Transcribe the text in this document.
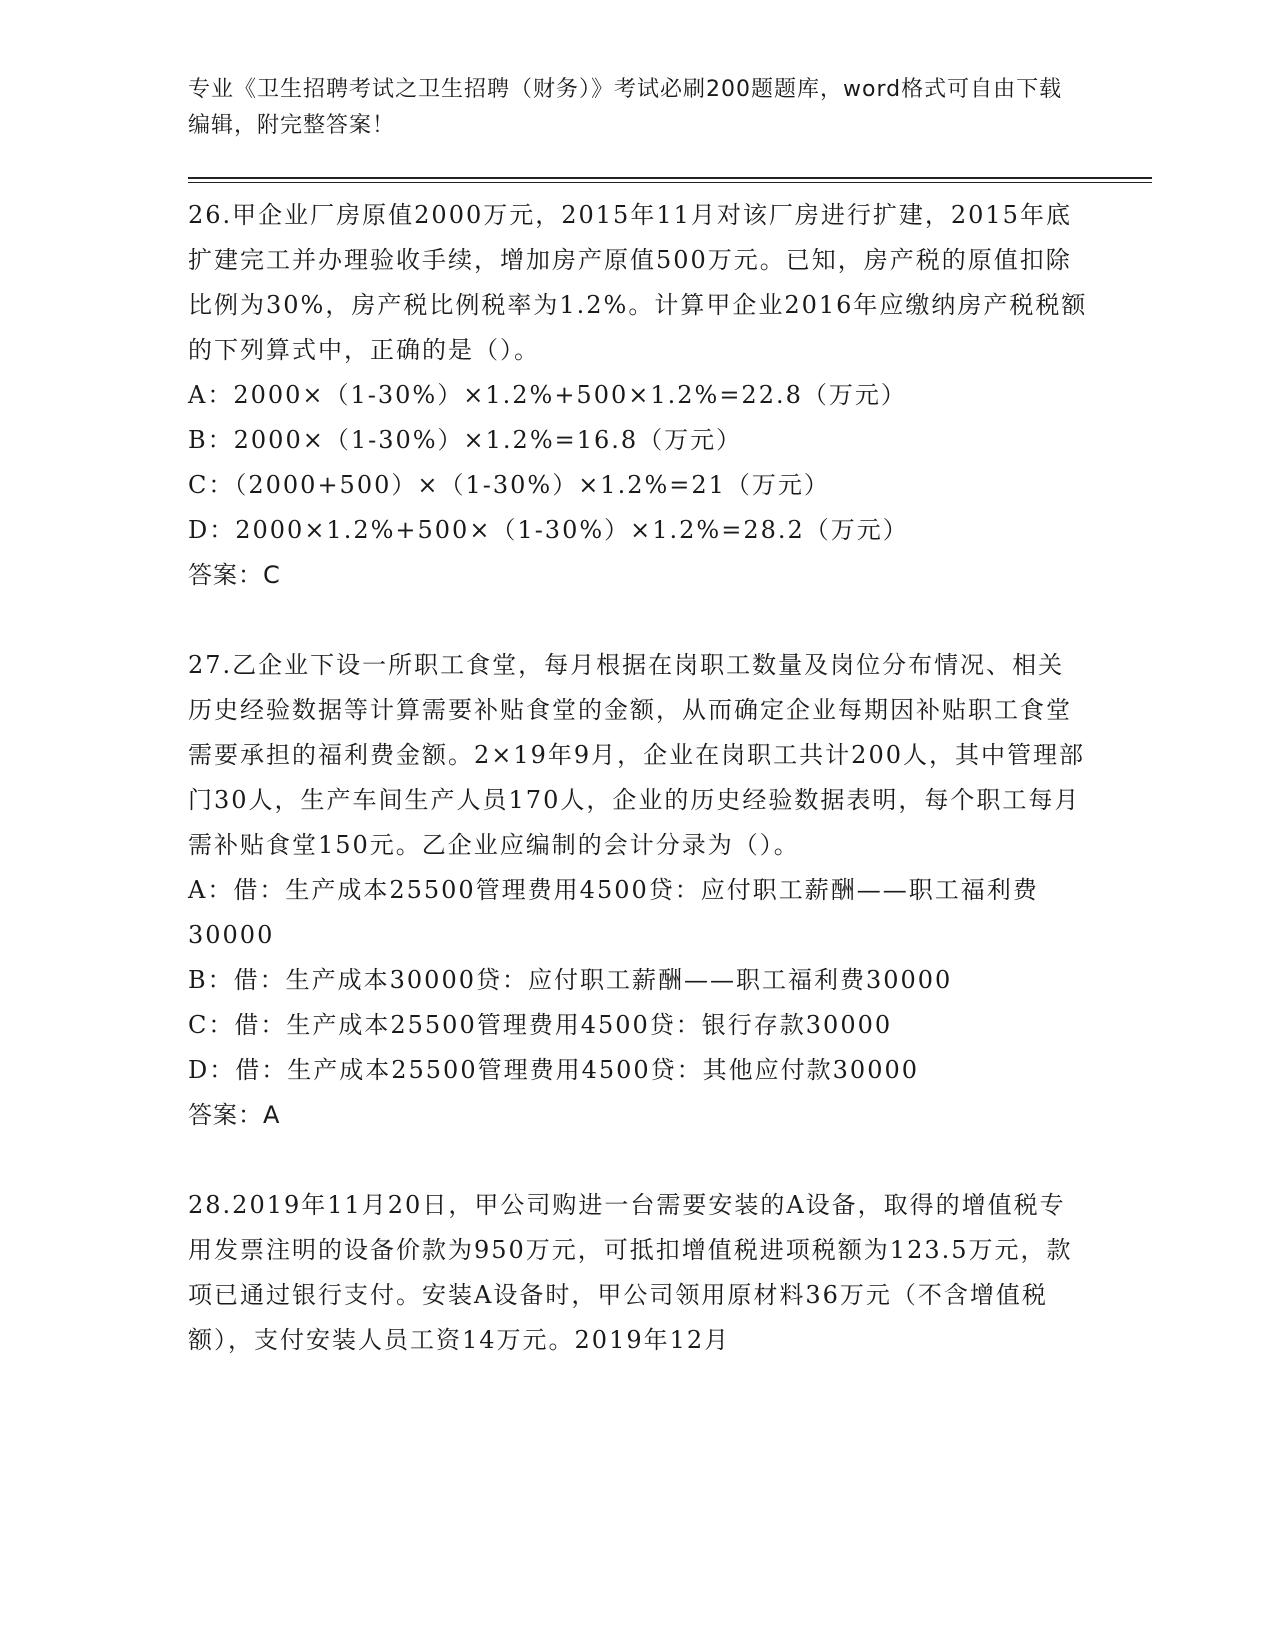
专业《卫生招聘考试之卫生招聘（财务）》考试必刷200题题库，word格式可自由下载编辑，附完整答案！

26.甲企业厂房原值2000万元，2015年11月对该厂房进行扩建，2015年底扩建完工并办理验收手续，增加房产原值500万元。已知，房产税的原值扣除比例为30%，房产税比例税率为1.2%。计算甲企业2016年应缴纳房产税税额的下列算式中，正确的是（）。

A：2000×（1-30%）×1.2%+500×1.2%=22.8（万元）

B：2000×（1-30%）×1.2%=16.8（万元）

C：（2000+500）×（1-30%）×1.2%=21（万元）

D：2000×1.2%+500×（1-30%）×1.2%=28.2（万元）

答案：C

27.乙企业下设一所职工食堂，每月根据在岗职工数量及岗位分布情况、相关历史经验数据等计算需要补贴食堂的金额，从而确定企业每期因补贴职工食堂需要承担的福利费金额。2×19年9月，企业在岗职工共计200人，其中管理部门30人，生产车间生产人员170人，企业的历史经验数据表明，每个职工每月需补贴食堂150元。乙企业应编制的会计分录为（）。

A：借：生产成本25500管理费用4500贷：应付职工薪酬——职工福利费30000

B：借：生产成本30000贷：应付职工薪酬——职工福利费30000

C：借：生产成本25500管理费用4500贷：银行存款30000

D：借：生产成本25500管理费用4500贷：其他应付款30000

答案：A

28.2019年11月20日，甲公司购进一台需要安装的A设备，取得的增值税专用发票注明的设备价款为950万元，可抵扣增值税进项税额为123.5万元，款项已通过银行支付。安装A设备时，甲公司领用原材料36万元（不含增值税额），支付安装人员工资14万元。2019年12月
